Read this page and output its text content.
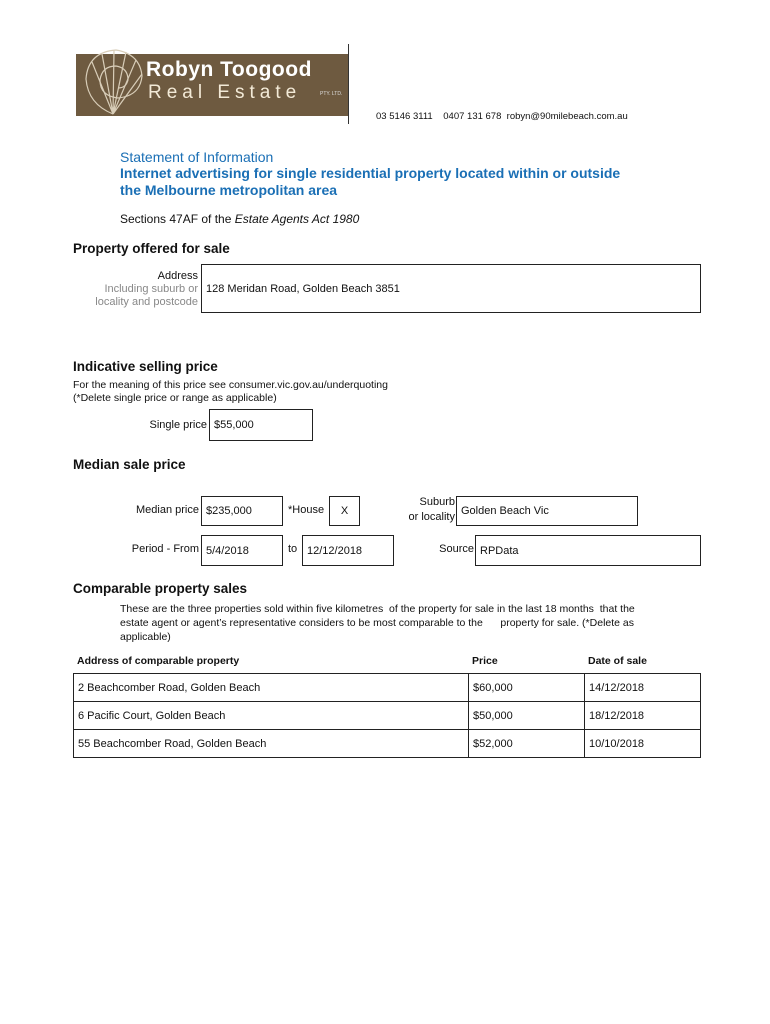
Robyn Toogood
Real Estate	PTY. LTD.
03 5146 3111    0407 131 678  robyn@90milebeach.com.au
Statement of Information
Internet advertising for single residential property located within or outside
the Melbourne metropolitan area
Sections 47AF of the Estate Agents Act 1980
Property offered for sale
Address
Including suburb or
locality and postcode
128 Meridan Road, Golden Beach 3851
Indicative selling price
For the meaning of this price see consumer.vic.gov.au/underquoting
(*Delete single price or range as applicable)
Single price $55,000
Median sale price
Median price $235,000	*House	X
Suburb
or locality Golden Beach Vic
Period - From 5/4/2018	to 12/12/2018	Source RPData
Comparable property sales
These are the three properties sold within five kilometres  of the property for sale in the last 18 months  that the
estate agent or agent’s representative considers to be most comparable to the      property for sale. (*Delete as
applicable)
Address of comparable property	Price	Date of sale
2 Beachcomber Road, Golden Beach	$60,000	14/12/2018
6 Pacific Court, Golden Beach	$50,000	18/12/2018
55 Beachcomber Road, Golden Beach	$52,000	10/10/2018
